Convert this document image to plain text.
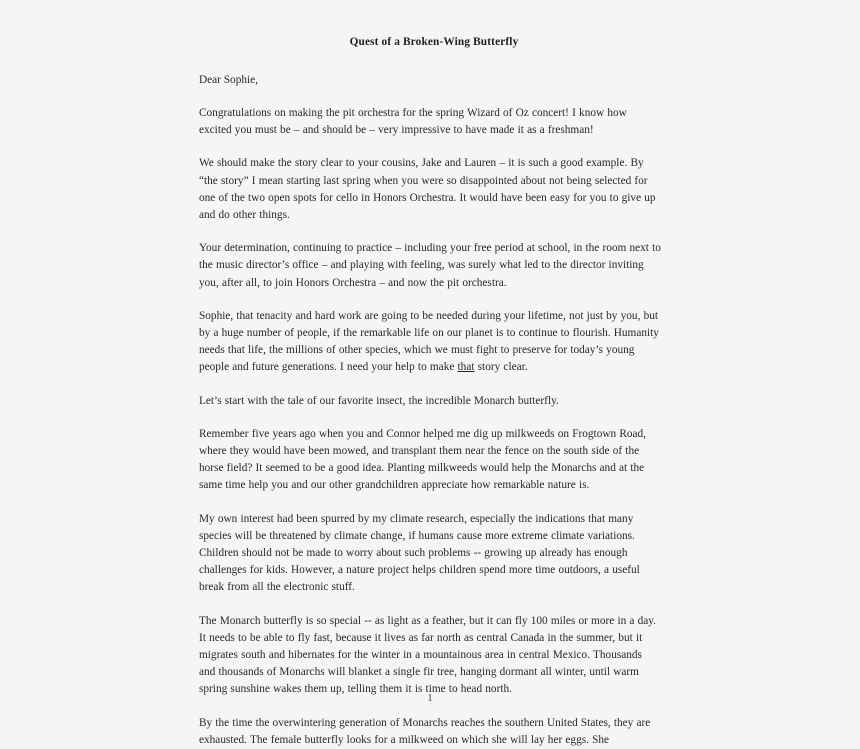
Quest of a Broken-Wing Butterfly
Dear Sophie,

Congratulations on making the pit orchestra for the spring Wizard of Oz concert! I know how excited you must be – and should be – very impressive to have made it as a freshman!

We should make the story clear to your cousins, Jake and Lauren – it is such a good example. By “the story” I mean starting last spring when you were so disappointed about not being selected for one of the two open spots for cello in Honors Orchestra. It would have been easy for you to give up and do other things.

Your determination, continuing to practice – including your free period at school, in the room next to the music director’s office – and playing with feeling, was surely what led to the director inviting you, after all, to join Honors Orchestra – and now the pit orchestra.

Sophie, that tenacity and hard work are going to be needed during your lifetime, not just by you, but by a huge number of people, if the remarkable life on our planet is to continue to flourish. Humanity needs that life, the millions of other species, which we must fight to preserve for today’s young people and future generations. I need your help to make that story clear.

Let’s start with the tale of our favorite insect, the incredible Monarch butterfly.

Remember five years ago when you and Connor helped me dig up milkweeds on Frogtown Road, where they would have been mowed, and transplant them near the fence on the south side of the horse field? It seemed to be a good idea. Planting milkweeds would help the Monarchs and at the same time help you and our other grandchildren appreciate how remarkable nature is.

My own interest had been spurred by my climate research, especially the indications that many species will be threatened by climate change, if humans cause more extreme climate variations. Children should not be made to worry about such problems -- growing up already has enough challenges for kids. However, a nature project helps children spend more time outdoors, a useful break from all the electronic stuff.

The Monarch butterfly is so special -- as light as a feather, but it can fly 100 miles or more in a day. It needs to be able to fly fast, because it lives as far north as central Canada in the summer, but it migrates south and hibernates for the winter in a mountainous area in central Mexico. Thousands and thousands of Monarchs will blanket a single fir tree, hanging dormant all winter, until warm spring sunshine wakes them up, telling them it is time to head north.

By the time the overwintering generation of Monarchs reaches the southern United States, they are exhausted. The female butterfly looks for a milkweed on which she will lay her eggs. She

1
